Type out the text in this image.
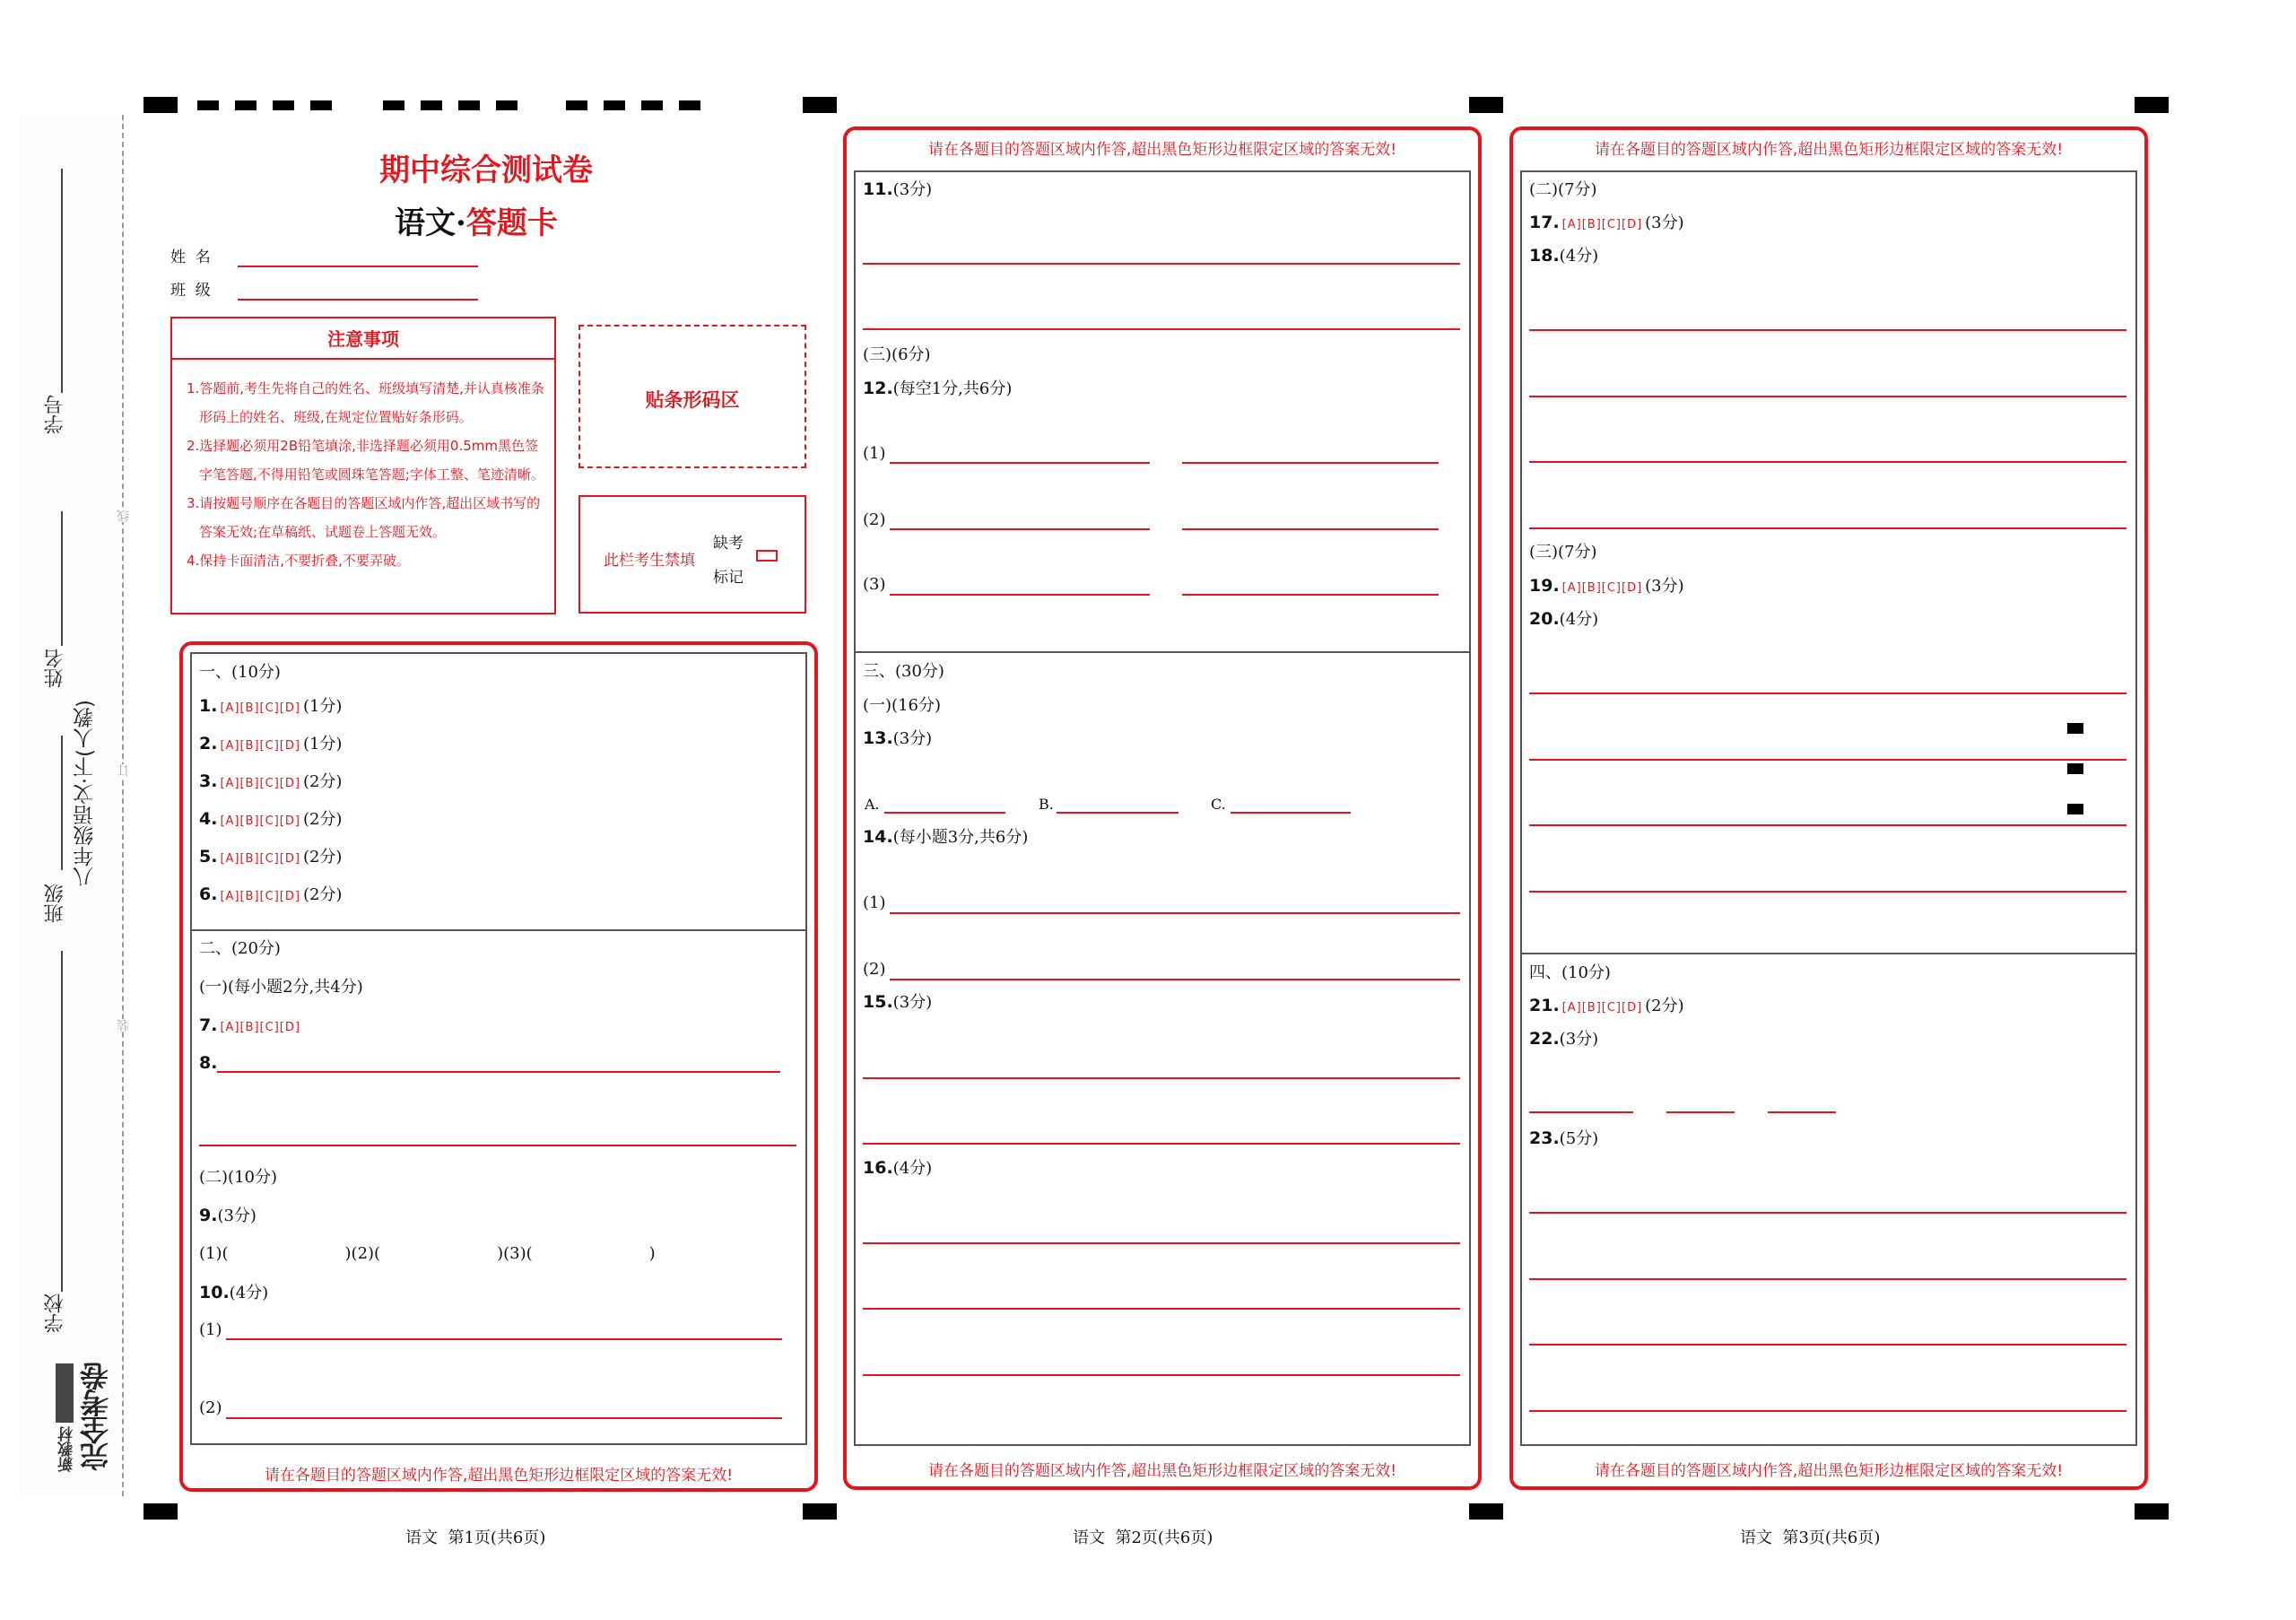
学号
姓名
班级
学校
八年级语文·下(人教)
线
订
装
新教材 完全考卷
期中综合测试卷
语文·答题卡
姓  名
班  级
注意事项
1.答题前,考生先将自己的姓名、班级填写清楚,并认真核准条形码上的姓名、班级,在规定位置贴好条形码。
2.选择题必须用2B铅笔填涂,非选择题必须用0.5mm黑色签字笔答题,不得用铅笔或圆珠笔答题;字体工整、笔迹清晰。
3.请按题号顺序在各题目的答题区域内作答,超出区域书写的答案无效;在草稿纸、试题卷上答题无效。
4.保持卡面清洁,不要折叠,不要弄破。
贴条形码区
此栏考生禁填
缺考
标记
一、(10分)
1. [A][B][C][D] (1分)
2. [A][B][C][D] (1分)
3. [A][B][C][D] (2分)
4. [A][B][C][D] (2分)
5. [A][B][C][D] (2分)
6. [A][B][C][D] (2分)
二、(20分)
(一)(每小题2分,共4分)
7. [A][B][C][D]
8.
(二)(10分)
9.(3分)
(1)(	)(2)(	)(3)(	)
10.(4分)
(1)
(2)
请在各题目的答题区域内作答,超出黑色矩形边框限定区域的答案无效!
请在各题目的答题区域内作答,超出黑色矩形边框限定区域的答案无效!
请在各题目的答题区域内作答,超出黑色矩形边框限定区域的答案无效!
11.(3分)
(三)(6分)
12.(每空1分,共6分)
(1)
(2)
(3)
三、(30分)
(一)(16分)
13.(3分)
A.	B.	C.
14.(每小题3分,共6分)
(1)
(2)
15.(3分)
16.(4分)
请在各题目的答题区域内作答,超出黑色矩形边框限定区域的答案无效!
请在各题目的答题区域内作答,超出黑色矩形边框限定区域的答案无效!
(二)(7分)
17. [A][B][C][D] (3分)
18.(4分)
(三)(7分)
19. [A][B][C][D] (3分)
20.(4分)
四、(10分)
21. [A][B][C][D] (2分)
22.(3分)
23.(5分)
语文  第1页(共6页)	语文  第2页(共6页)	语文  第3页(共6页)
